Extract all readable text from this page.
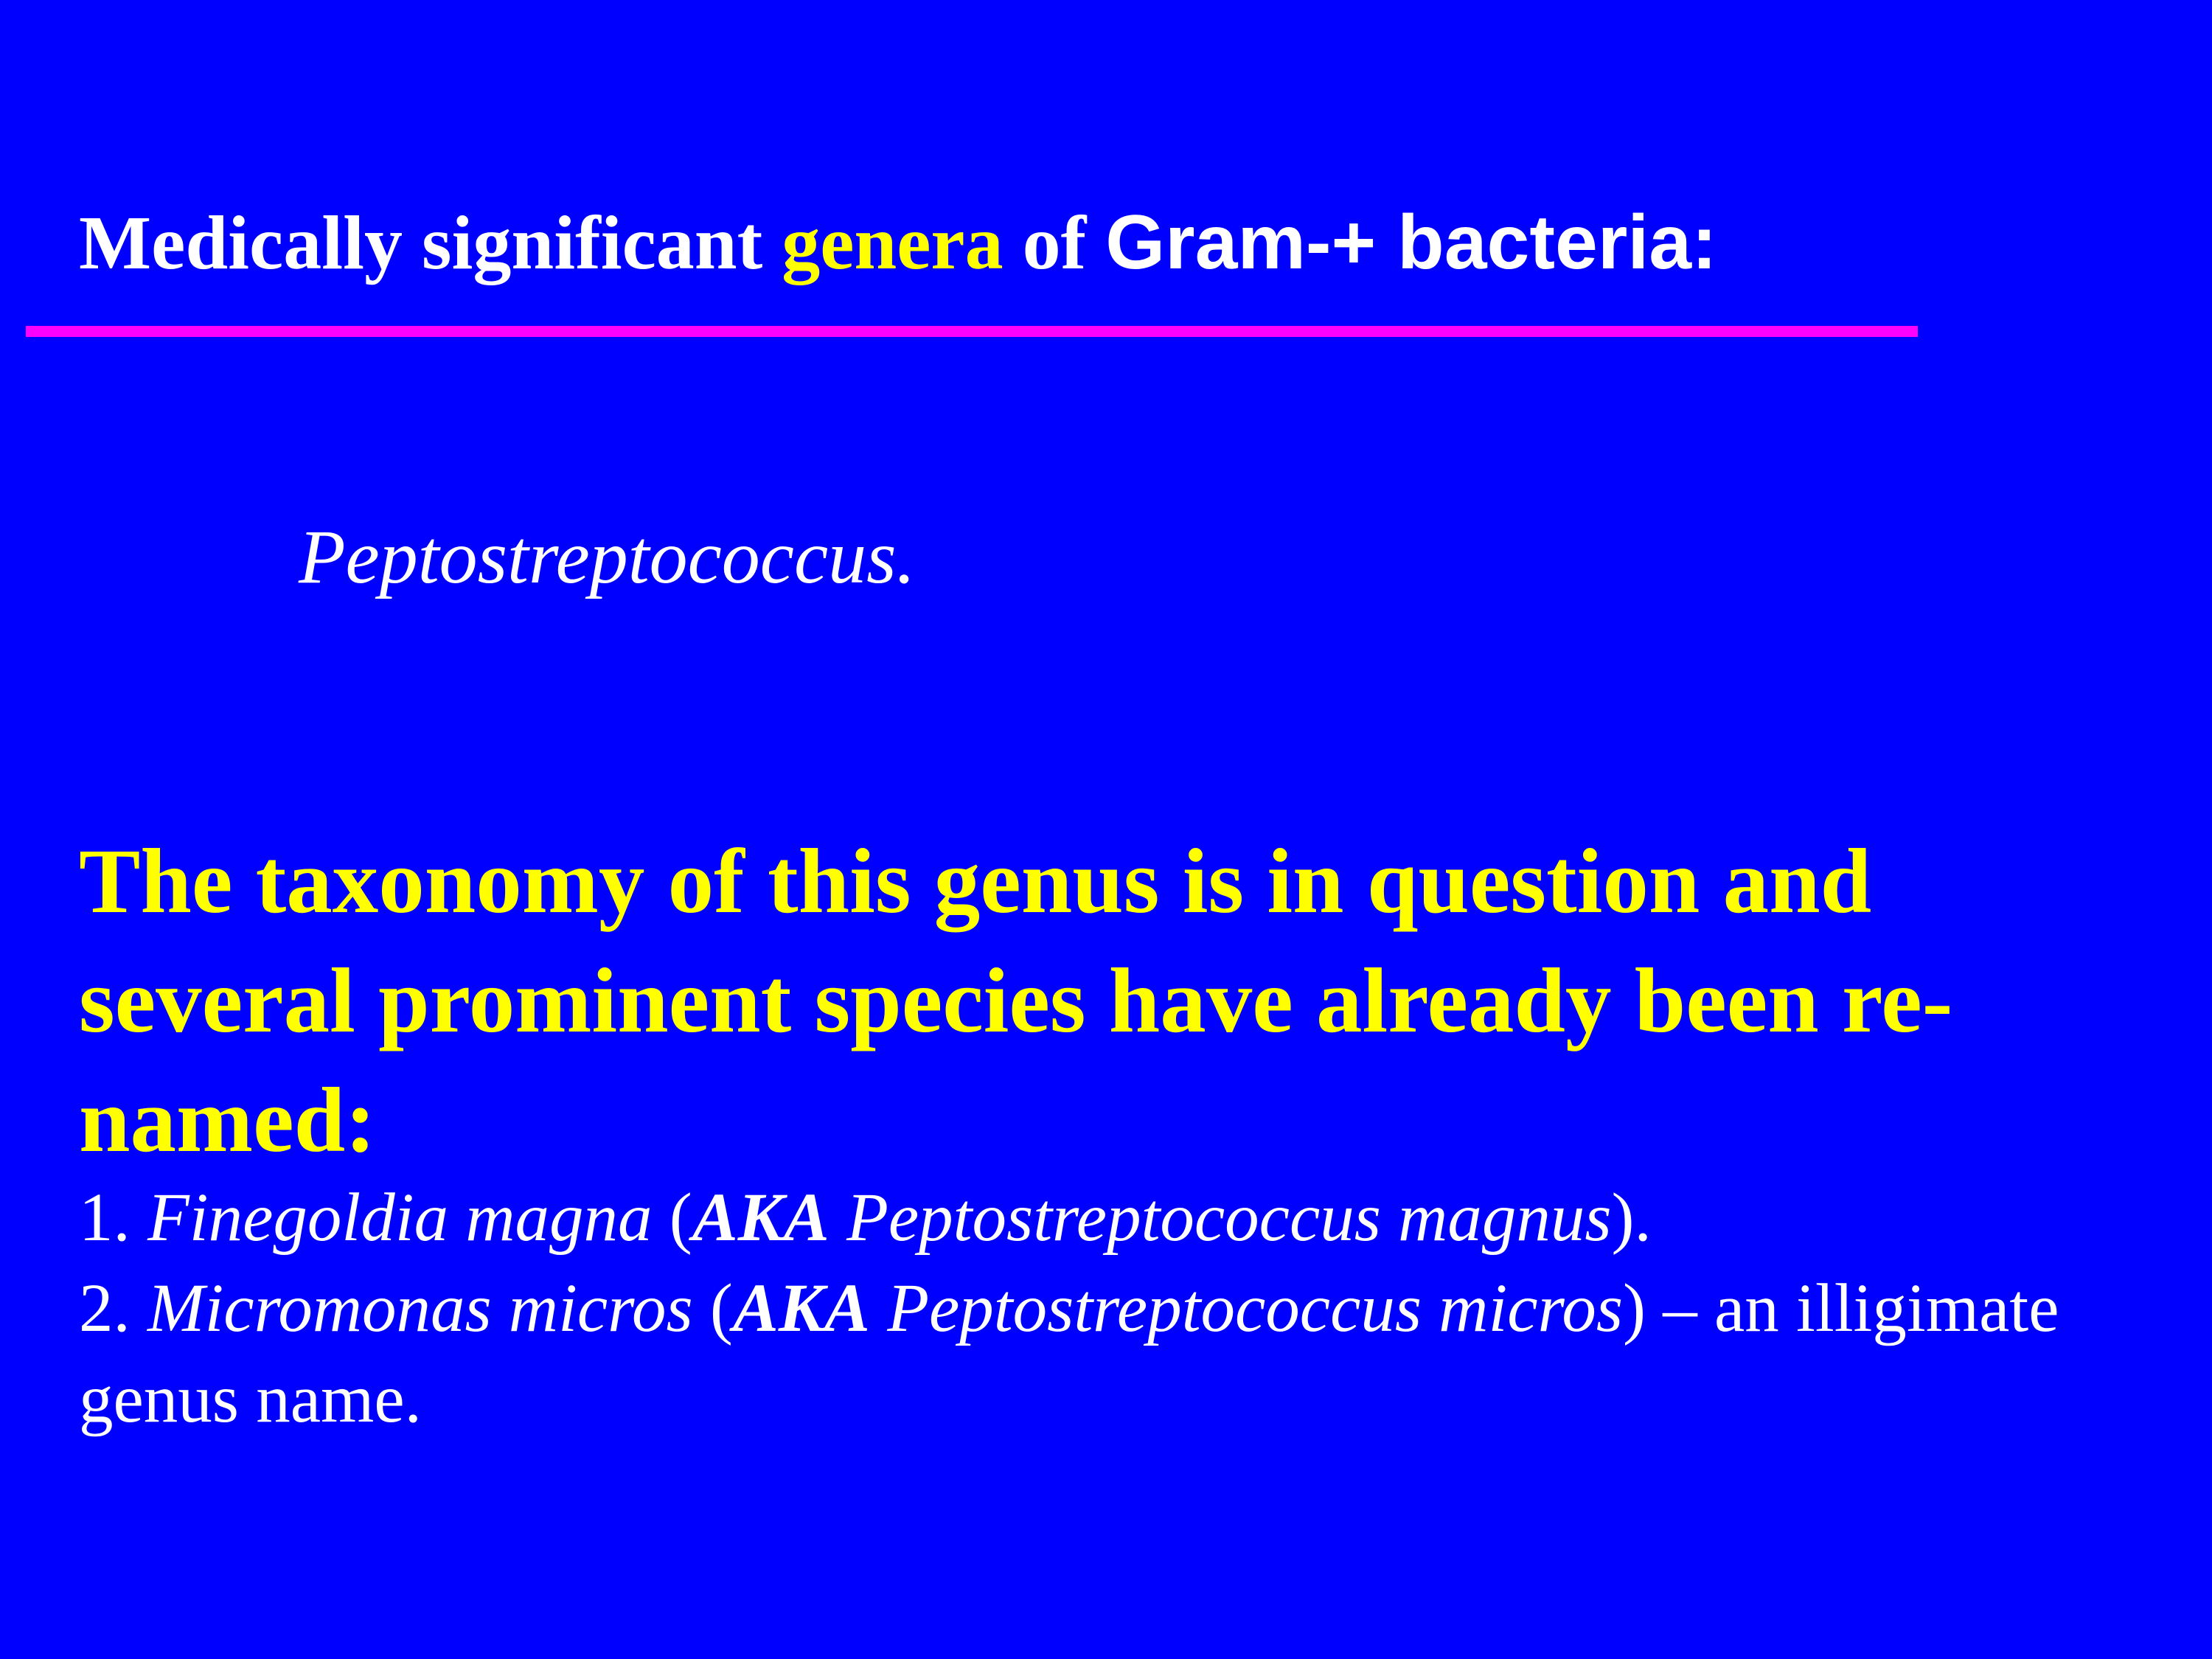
Medically significant genera of Gram-+ bacteria:

Peptostreptococcus.

The taxonomy of this genus is in question and several prominent species have already been re-named:

1. Finegoldia magna (AKA Peptostreptococcus magnus).
2. Micromonas micros (AKA Peptostreptococcus micros) – an illigimate genus name.
